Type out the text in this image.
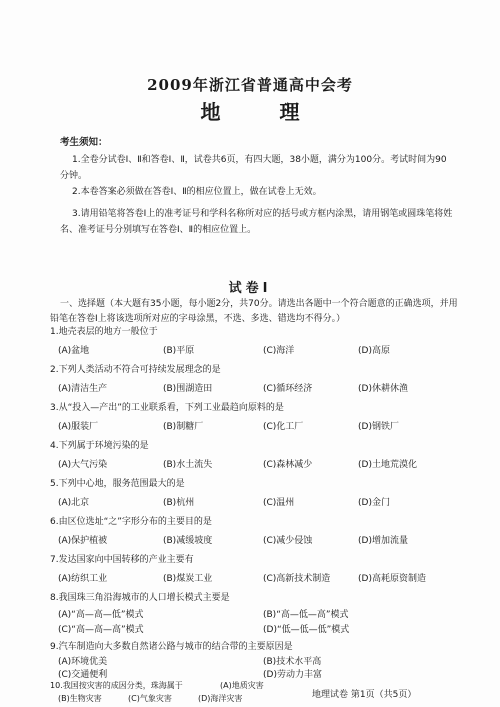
2009年浙江省普通高中会考
地 理
考生须知：

1.全卷分试卷Ⅰ、Ⅱ和答卷Ⅰ、Ⅱ，试卷共6页，有四大题，38小题，满分为100分。考试时间为90分钟。

2.本卷答案必须做在答卷Ⅰ、Ⅱ的相应位置上，做在试卷上无效。

3.请用铅笔将答卷Ⅰ上的准考证号和学科名称所对应的括号或方框内涂黑，请用钢笔或圆珠笔将姓名、准考证号分别填写在答卷Ⅰ、Ⅱ的相应位置上。

试卷Ⅰ

一、选择题（本大题有35小题，每小题2分，共70分。请选出各题中一个符合题意的正确选项，并用铅笔在答卷Ⅰ上将该选项所对应的字母涂黑，不选、多选、错选均不得分。）

1.地壳表层的地方一般位于
(A)盆地	(B)平原	(C)海洋	(D)高原
2.下列人类活动不符合可持续发展理念的是
(A)清洁生产	(B)围湖造田	(C)循环经济	(D)休耕休渔
3.从“投入—产出”的工业联系看，下列工业最趋向原料的是
(A)服装厂	(B)制糖厂	(C)化工厂	(D)钢铁厂
4.下列属于环境污染的是
(A)大气污染	(B)水土流失	(C)森林减少	(D)土地荒漠化
5.下列中心地，服务范围最大的是
(A)北京	(B)杭州	(C)温州	(D)金门
6.由区位选址“之”字形分布的主要目的是
(A)保护植被	(B)减缓坡度	(C)减少侵蚀	(D)增加流量
7.发达国家向中国转移的产业主要有
(A)纺织工业	(B)煤炭工业	(C)高新技术制造	(D)高耗原资制造
8.我国珠三角沿海城市的人口增长模式主要是
(A)“高—高—低”模式	(B)“高—低—高”模式
(C)“高—高—高”模式	(D)“低—低—低”模式
9.汽车制造向大多数自然诸公路与城市的结合带的主要原因是
(A)环境优美	(B)技术水平高
(C)交通便利	(D)劳动力丰富
10.我国按灾害的成因分类，珠海属于	(A)地质灾害
(B)生物灾害	(C)气象灾害	(D)海洋灾害	地理试卷 第1页（共5页）
